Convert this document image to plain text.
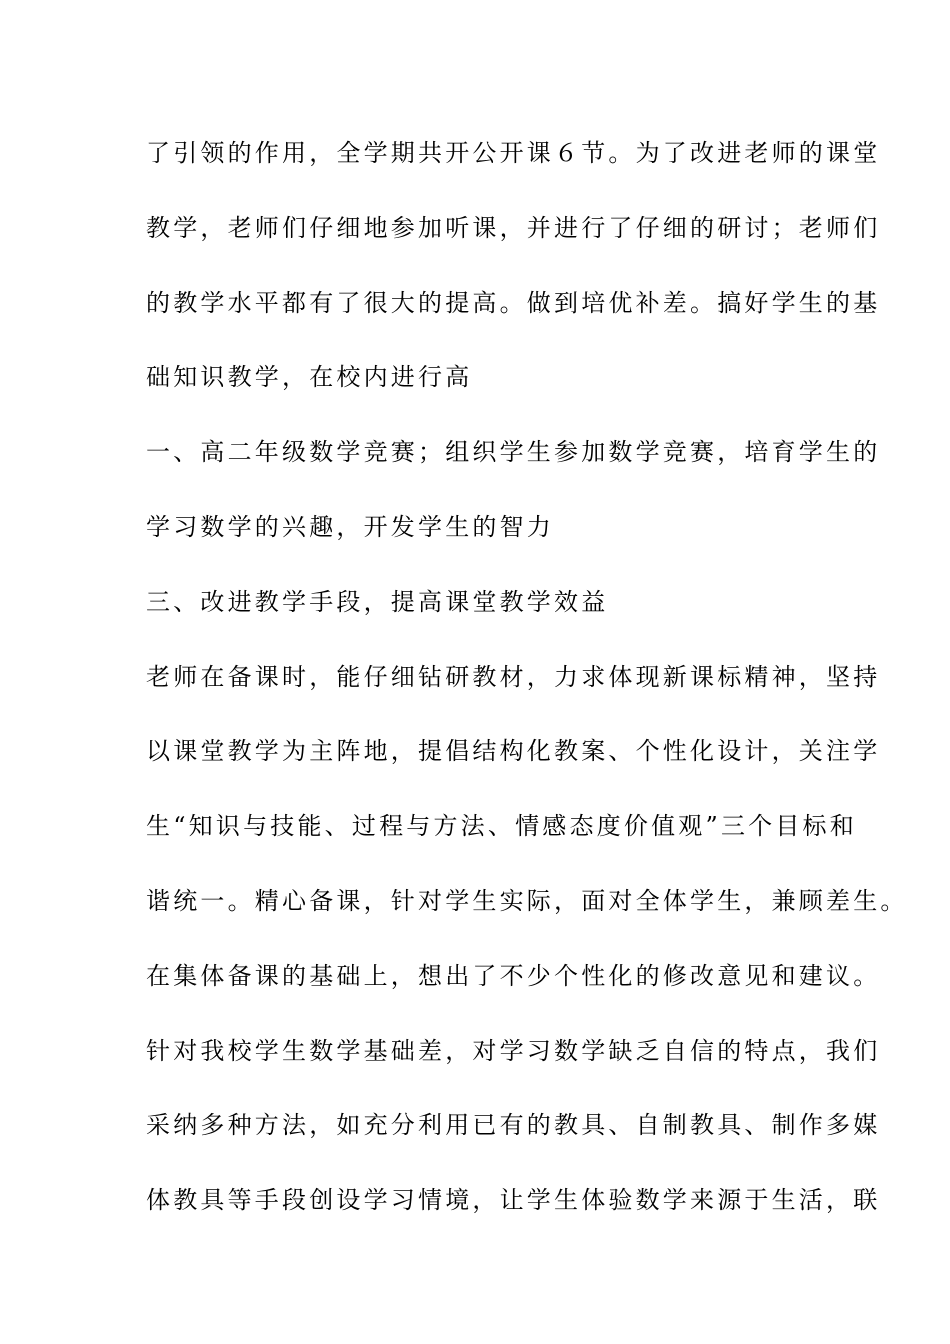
了引领的作用，全学期共开公开课６节。为了改进老师的课堂
教学，老师们仔细地参加听课，并进行了仔细的研讨；老师们
的教学水平都有了很大的提高。做到培优补差。搞好学生的基
础知识教学，在校内进行高
一、高二年级数学竞赛；组织学生参加数学竞赛，培育学生的
学习数学的兴趣，开发学生的智力
三、改进教学手段，提高课堂教学效益
老师在备课时，能仔细钻研教材，力求体现新课标精神，坚持
以课堂教学为主阵地，提倡结构化教案、个性化设计，关注学
生“知识与技能、过程与方法、情感态度价值观”三个目标和
谐统一。精心备课，针对学生实际，面对全体学生，兼顾差生。
在集体备课的基础上，想出了不少个性化的修改意见和建议。
针对我校学生数学基础差，对学习数学缺乏自信的特点，我们
采纳多种方法，如充分利用已有的教具、自制教具、制作多媒
体教具等手段创设学习情境，让学生体验数学来源于生活，联
